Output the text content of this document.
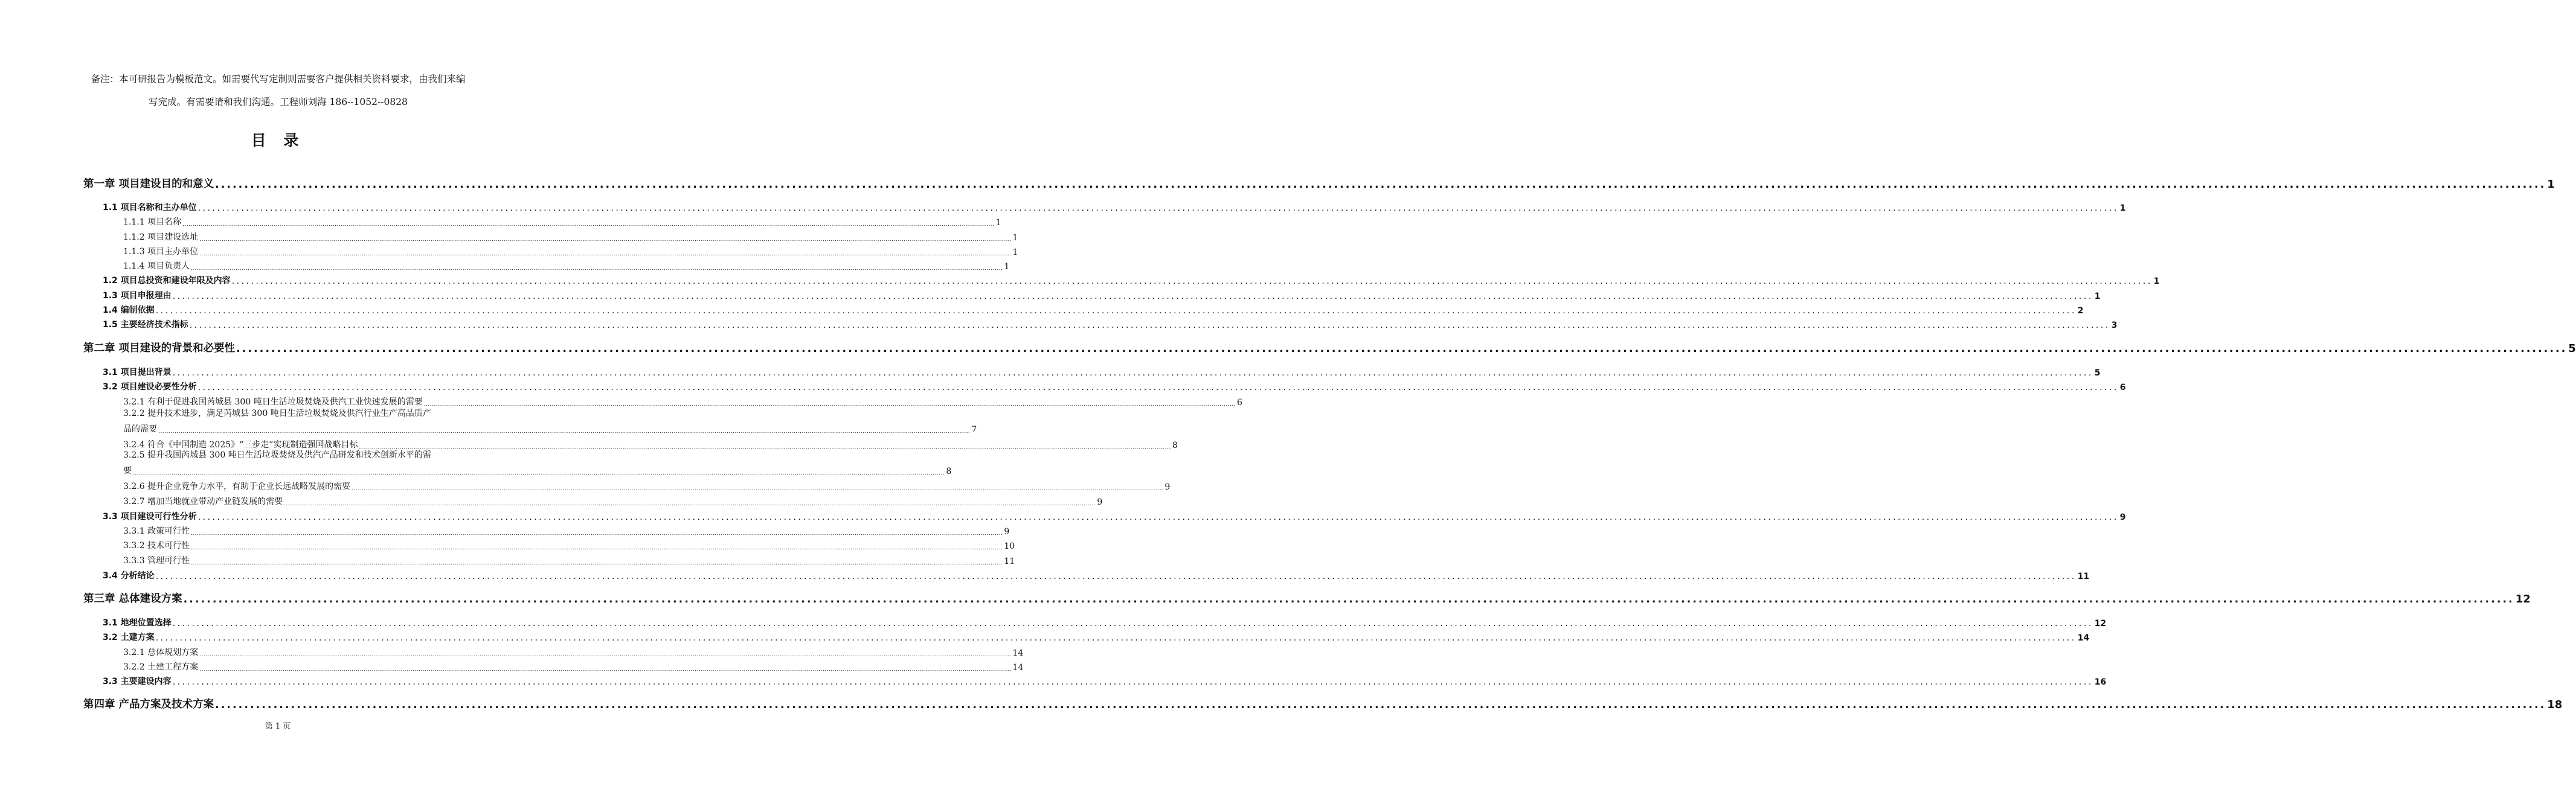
备注：本可研报告为模板范文。如需要代写定制则需要客户提供相关资料要求，由我们来编
写完成。有需要请和我们沟通。工程师刘海 186--1052--0828
目 录
第一章 项目建设目的和意义 ................................................................................................................................................................................................................................................................................................................................................................................................................ 1
1.1 项目名称和主办单位 ................................................................................................................................................................................................................................................................................................................................................................................................................ 1
1.1.1 项目名称 ................................................................................................................................................................................................................................................................................................................................................................................................................ 1
1.1.2 项目建设选址 ................................................................................................................................................................................................................................................................................................................................................................................................................ 1
1.1.3 项目主办单位 ................................................................................................................................................................................................................................................................................................................................................................................................................ 1
1.1.4 项目负责人 ................................................................................................................................................................................................................................................................................................................................................................................................................ 1
1.2 项目总投资和建设年限及内容 ................................................................................................................................................................................................................................................................................................................................................................................................................ 1
1.3 项目申报理由 ................................................................................................................................................................................................................................................................................................................................................................................................................ 1
1.4 编制依据 ................................................................................................................................................................................................................................................................................................................................................................................................................ 2
1.5 主要经济技术指标 ................................................................................................................................................................................................................................................................................................................................................................................................................ 3
第二章 项目建设的背景和必要性 ................................................................................................................................................................................................................................................................................................................................................................................................................ 5
3.1 项目提出背景 ................................................................................................................................................................................................................................................................................................................................................................................................................ 5
3.2 项目建设必要性分析 ................................................................................................................................................................................................................................................................................................................................................................................................................ 6
3.2.1 有利于促进我国芮城县 300 吨日生活垃圾焚烧及供汽工业快速发展的需要 ................................................................................................................................................................................................................................................................................................................................................................................................................ 6
3.2.2 提升技术进步，满足芮城县 300 吨日生活垃圾焚烧及供汽行业生产高品质产
品的需要 ................................................................................................................................................................................................................................................................................................................................................................................................................ 7
3.2.4 符合《中国制造 2025》“三步走”实现制造强国战略目标 ................................................................................................................................................................................................................................................................................................................................................................................................................ 8
3.2.5 提升我国芮城县 300 吨日生活垃圾焚烧及供汽产品研发和技术创新水平的需
要 ................................................................................................................................................................................................................................................................................................................................................................................................................ 8
3.2.6 提升企业竞争力水平，有助于企业长远战略发展的需要 ................................................................................................................................................................................................................................................................................................................................................................................................................ 9
3.2.7 增加当地就业带动产业链发展的需要 ................................................................................................................................................................................................................................................................................................................................................................................................................ 9
3.3 项目建设可行性分析 ................................................................................................................................................................................................................................................................................................................................................................................................................ 9
3.3.1 政策可行性 ................................................................................................................................................................................................................................................................................................................................................................................................................ 9
3.3.2 技术可行性 ................................................................................................................................................................................................................................................................................................................................................................................................................ 10
3.3.3 管理可行性 ................................................................................................................................................................................................................................................................................................................................................................................................................ 11
3.4 分析结论 ................................................................................................................................................................................................................................................................................................................................................................................................................ 11
第三章 总体建设方案 ................................................................................................................................................................................................................................................................................................................................................................................................................ 12
3.1 地理位置选择 ................................................................................................................................................................................................................................................................................................................................................................................................................ 12
3.2 土建方案 ................................................................................................................................................................................................................................................................................................................................................................................................................ 14
3.2.1 总体规划方案 ................................................................................................................................................................................................................................................................................................................................................................................................................ 14
3.2.2 土建工程方案 ................................................................................................................................................................................................................................................................................................................................................................................................................ 14
3.3 主要建设内容 ................................................................................................................................................................................................................................................................................................................................................................................................................ 16
第四章 产品方案及技术方案 ................................................................................................................................................................................................................................................................................................................................................................................................................ 18
第 1 页
